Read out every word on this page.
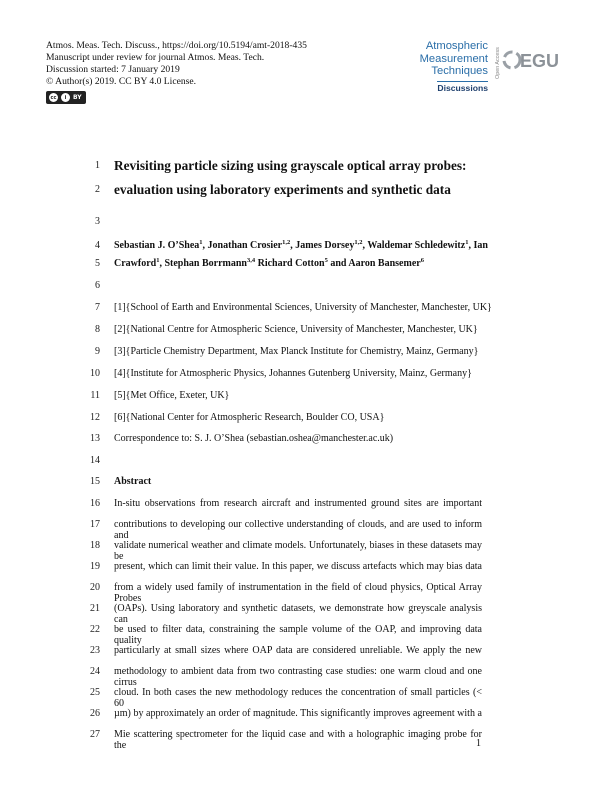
Atmos. Meas. Tech. Discuss., https://doi.org/10.5194/amt-2018-435
Manuscript under review for journal Atmos. Meas. Tech.
Discussion started: 7 January 2019
© Author(s) 2019. CC BY 4.0 License.
cc	i	BY
Atmospheric
Measurement
Techniques
Discussions
Open Access EGU
1 Revisiting particle sizing using grayscale optical array probes:
2 evaluation using laboratory experiments and synthetic data
3
4 Sebastian J. O’Shea$^1$, Jonathan Crosier$^{1,2}$, James Dorsey$^{1,2}$, Waldemar Schledewitz$^1$, Ian
5 Crawford$^1$, Stephan Borrmann$^{3,4}$ Richard Cotton$^5$ and Aaron Bansemer$^6$
6
7 [1]{School of Earth and Environmental Sciences, University of Manchester, Manchester, UK}
8 [2]{National Centre for Atmospheric Science, University of Manchester, Manchester, UK}
9 [3]{Particle Chemistry Department, Max Planck Institute for Chemistry, Mainz, Germany}
10 [4]{Institute for Atmospheric Physics, Johannes Gutenberg University, Mainz, Germany}
11 [5]{Met Office, Exeter, UK}
12 [6]{National Center for Atmospheric Research, Boulder CO, USA}
13 Correspondence to: S. J. O’Shea (sebastian.oshea@manchester.ac.uk)
14
15 Abstract
16 In-situ observations from research aircraft and instrumented ground sites are important
17 contributions to developing our collective understanding of clouds, and are used to inform and
18 validate numerical weather and climate models. Unfortunately, biases in these datasets may be
19 present, which can limit their value. In this paper, we discuss artefacts which may bias data
20 from a widely used family of instrumentation in the field of cloud physics, Optical Array Probes
21 (OAPs). Using laboratory and synthetic datasets, we demonstrate how greyscale analysis can
22 be used to filter data, constraining the sample volume of the OAP, and improving data quality
23 particularly at small sizes where OAP data are considered unreliable. We apply the new
24 methodology to ambient data from two contrasting case studies: one warm cloud and one cirrus
25 cloud. In both cases the new methodology reduces the concentration of small particles (< 60
26 µm) by approximately an order of magnitude. This significantly improves agreement with a
27 Mie scattering spectrometer for the liquid case and with a holographic imaging probe for the	1
